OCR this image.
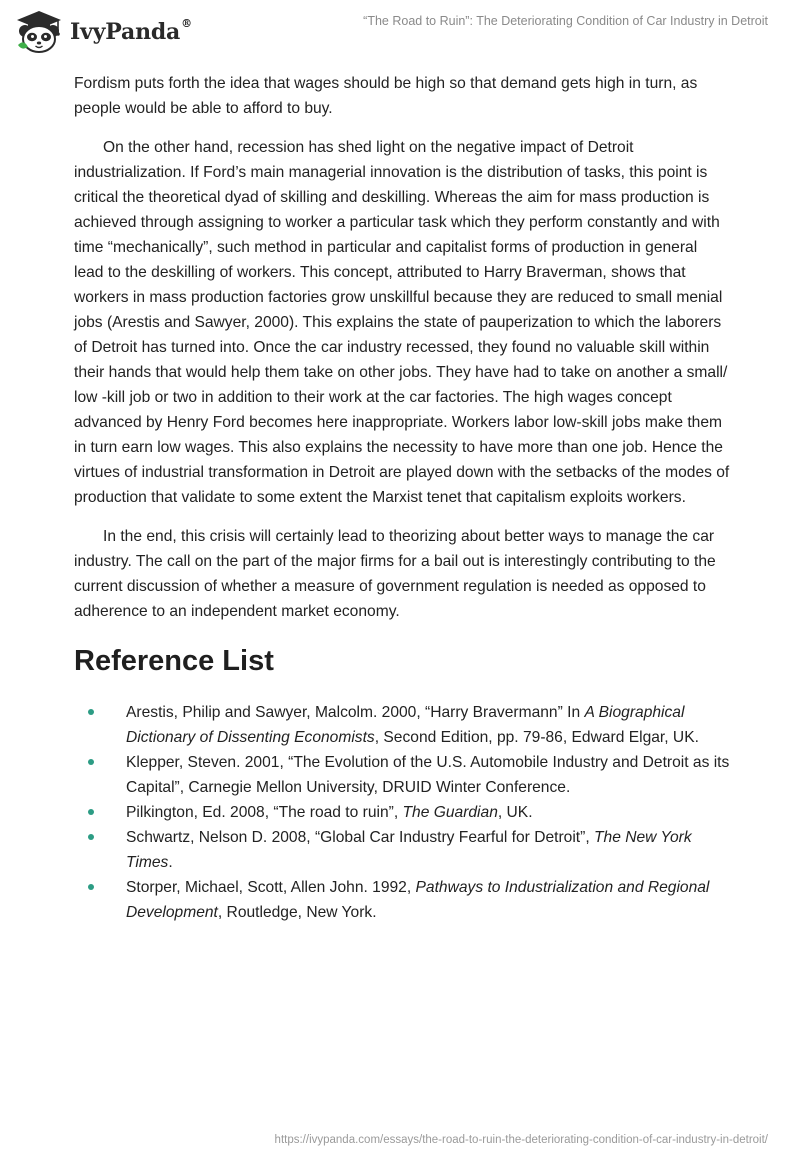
IvyPanda®	“The Road to Ruin”: The Deteriorating Condition of Car Industry in Detroit

Fordism puts forth the idea that wages should be high so that demand gets high in turn, as people would be able to afford to buy.

On the other hand, recession has shed light on the negative impact of Detroit industrialization. If Ford’s main managerial innovation is the distribution of tasks, this point is critical the theoretical dyad of skilling and deskilling. Whereas the aim for mass production is achieved through assigning to worker a particular task which they perform constantly and with time “mechanically”, such method in particular and capitalist forms of production in general lead to the deskilling of workers. This concept, attributed to Harry Braverman, shows that workers in mass production factories grow unskillful because they are reduced to small menial jobs (Arestis and Sawyer, 2000). This explains the state of pauperization to which the laborers of Detroit has turned into. Once the car industry recessed, they found no valuable skill within their hands that would help them take on other jobs. They have had to take on another a small/ low -kill job or two in addition to their work at the car factories. The high wages concept advanced by Henry Ford becomes here inappropriate. Workers labor low-skill jobs make them in turn earn low wages. This also explains the necessity to have more than one job. Hence the virtues of industrial transformation in Detroit are played down with the setbacks of the modes of production that validate to some extent the Marxist tenet that capitalism exploits workers.

In the end, this crisis will certainly lead to theorizing about better ways to manage the car industry. The call on the part of the major firms for a bail out is interestingly contributing to the current discussion of whether a measure of government regulation is needed as opposed to adherence to an independent market economy.

Reference List
Arestis, Philip and Sawyer, Malcolm. 2000, “Harry Bravermann” In A Biographical Dictionary of Dissenting Economists, Second Edition, pp. 79-86, Edward Elgar, UK.
Klepper, Steven. 2001, “The Evolution of the U.S. Automobile Industry and Detroit as its Capital”, Carnegie Mellon University, DRUID Winter Conference.
Pilkington, Ed. 2008, “The road to ruin”, The Guardian, UK.
Schwartz, Nelson D. 2008, “Global Car Industry Fearful for Detroit”, The New York Times.
Storper, Michael, Scott, Allen John. 1992, Pathways to Industrialization and Regional Development, Routledge, New York.
https://ivypanda.com/essays/the-road-to-ruin-the-deteriorating-condition-of-car-industry-in-detroit/
